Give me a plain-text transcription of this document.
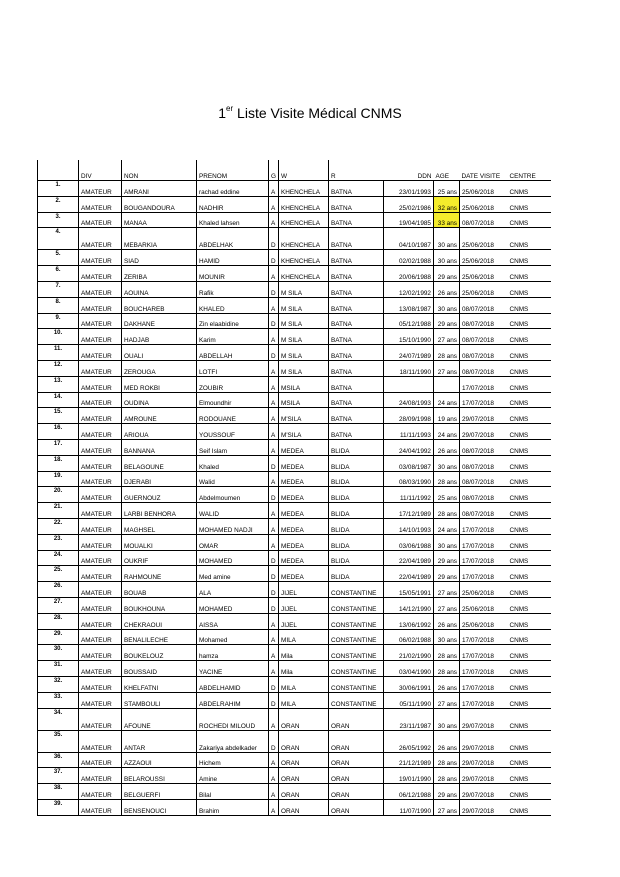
1er Liste Visite Médical CNMS
	DIV	NON	PRENOM	G	W	R	DDN	AGE	DATE VISITE	CENTRE
1.	AMATEUR	AMRANI	rachad eddine	A	KHENCHELA	BATNA	23/01/1993	25 ans	25/06/2018	CNMS
2.	AMATEUR	BOUGANDOURA	NADHIR	A	KHENCHELA	BATNA	25/02/1986	32 ans	25/06/2018	CNMS
3.	AMATEUR	MANAA	Khaled lahsen	A	KHENCHELA	BATNA	19/04/1985	33 ans	08/07/2018	CNMS
4.	AMATEUR	MEBARKIA	ABDELHAK	D	KHENCHELA	BATNA	04/10/1987	30 ans	25/06/2018	CNMS
5.	AMATEUR	SIAD	HAMID	D	KHENCHELA	BATNA	02/02/1988	30 ans	25/06/2018	CNMS
6.	AMATEUR	ZERIBA	MOUNIR	A	KHENCHELA	BATNA	20/06/1988	29 ans	25/06/2018	CNMS
7.	AMATEUR	AOUINA	Rafik	D	M SILA	BATNA	12/02/1992	26 ans	25/06/2018	CNMS
8.	AMATEUR	BOUCHAREB	KHALED	A	M SILA	BATNA	13/08/1987	30 ans	08/07/2018	CNMS
9.	AMATEUR	DAKHANE	Zin elaabidine	D	M SILA	BATNA	05/12/1988	29 ans	08/07/2018	CNMS
10.	AMATEUR	HADJAB	Karim	A	M SILA	BATNA	15/10/1990	27 ans	08/07/2018	CNMS
11.	AMATEUR	OUALI	ABDELLAH	D	M SILA	BATNA	24/07/1989	28 ans	08/07/2018	CNMS
12.	AMATEUR	ZEROUGA	LOTFI	A	M SILA	BATNA	18/11/1990	27 ans	08/07/2018	CNMS
13.	AMATEUR	MED ROKBI	ZOUBIR	A	MSILA	BATNA			17/07/2018	CNMS
14.	AMATEUR	OUDINA	Elmoundhir	A	MSILA	BATNA	24/08/1993	24 ans	17/07/2018	CNMS
15.	AMATEUR	AMROUNE	RODOUANE	A	M'SILA	BATNA	28/09/1998	19 ans	29/07/2018	CNMS
16.	AMATEUR	ARIOUA	YOUSSOUF	A	M'SILA	BATNA	11/11/1993	24 ans	29/07/2018	CNMS
17.	AMATEUR	BANNANA	Seif Islam	A	MEDEA	BLIDA	24/04/1992	26 ans	08/07/2018	CNMS
18.	AMATEUR	BELAGOUNE	Khaled	D	MEDEA	BLIDA	03/08/1987	30 ans	08/07/2018	CNMS
19.	AMATEUR	DJERABI	Walid	A	MEDEA	BLIDA	08/03/1990	28 ans	08/07/2018	CNMS
20.	AMATEUR	GUERNOUZ	Abdelmoumen	D	MEDEA	BLIDA	11/11/1992	25 ans	08/07/2018	CNMS
21.	AMATEUR	LARBI BENHORA	WALID	A	MEDEA	BLIDA	17/12/1989	28 ans	08/07/2018	CNMS
22.	AMATEUR	MAGHSEL	MOHAMED NADJI	A	MEDEA	BLIDA	14/10/1993	24 ans	17/07/2018	CNMS
23.	AMATEUR	MOUALKI	OMAR	A	MEDEA	BLIDA	03/06/1988	30 ans	17/07/2018	CNMS
24.	AMATEUR	OUKRIF	MOHAMED	D	MEDEA	BLIDA	22/04/1989	29 ans	17/07/2018	CNMS
25.	AMATEUR	RAHMOUNE	Med amine	D	MEDEA	BLIDA	22/04/1989	29 ans	17/07/2018	CNMS
26.	AMATEUR	BOUAB	ALA	D	JIJEL	CONSTANTINE	15/05/1991	27 ans	25/06/2018	CNMS
27.	AMATEUR	BOUKHOUNA	MOHAMED	D	JIJEL	CONSTANTINE	14/12/1990	27 ans	25/06/2018	CNMS
28.	AMATEUR	CHEKRAOUI	AISSA	A	JIJEL	CONSTANTINE	13/06/1992	26 ans	25/06/2018	CNMS
29.	AMATEUR	BENALILECHE	Mohamed	A	MILA	CONSTANTINE	06/02/1988	30 ans	17/07/2018	CNMS
30.	AMATEUR	BOUKELOUZ	hamza	A	Mila	CONSTANTINE	21/02/1990	28 ans	17/07/2018	CNMS
31.	AMATEUR	BOUSSAID	YACINE	A	Mila	CONSTANTINE	03/04/1990	28 ans	17/07/2018	CNMS
32.	AMATEUR	KHELFATNI	ABDELHAMID	D	MILA	CONSTANTINE	30/06/1991	26 ans	17/07/2018	CNMS
33.	AMATEUR	STAMBOULI	ABDELRAHIM	D	MILA	CONSTANTINE	05/11/1990	27 ans	17/07/2018	CNMS
34.	AMATEUR	AFOUNE	ROCHEDI MILOUD	A	ORAN	ORAN	23/11/1987	30 ans	29/07/2018	CNMS
35.	AMATEUR	ANTAR	Zakariya abdelkader	D	ORAN	ORAN	26/05/1992	26 ans	29/07/2018	CNMS
36.	AMATEUR	AZZAOUI	Hichem	A	ORAN	ORAN	21/12/1989	28 ans	29/07/2018	CNMS
37.	AMATEUR	BELAROUSSI	Amine	A	ORAN	ORAN	19/01/1990	28 ans	29/07/2018	CNMS
38.	AMATEUR	BELGUERFI	Bilal	A	ORAN	ORAN	06/12/1988	29 ans	29/07/2018	CNMS
39.	AMATEUR	BENSENOUCI	Brahim	A	ORAN	ORAN	11/07/1990	27 ans	29/07/2018	CNMS
